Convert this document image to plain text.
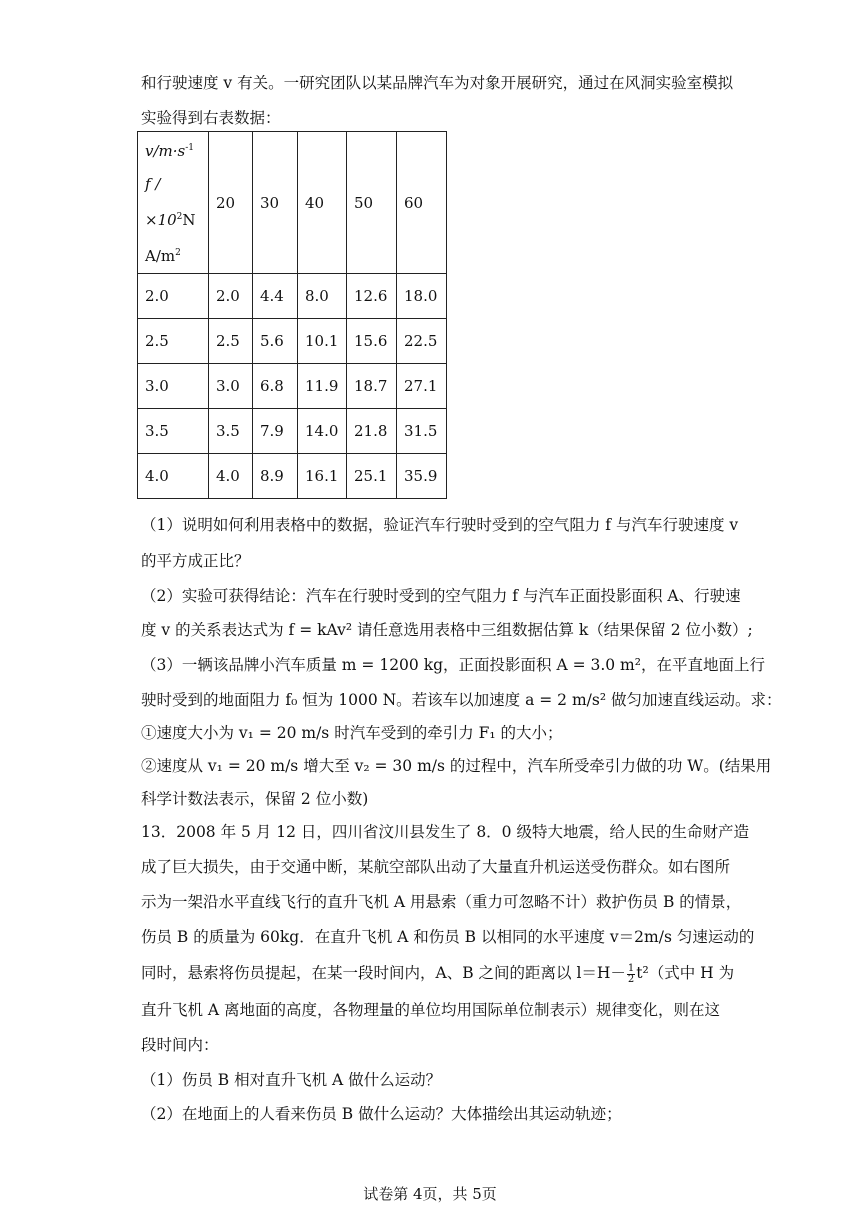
和行驶速度 v 有关。一研究团队以某品牌汽车为对象开展研究，通过在风洞实验室模拟
实验得到右表数据：
$v/m\cdot s^{-1}$
f $/\times 10^2N$
$A/m^2$	20	30	40	50	60
2.0	2.0	4.4	8.0	12.6	18.0
2.5	2.5	5.6	10.1	15.6	22.5
3.0	3.0	6.8	11.9	18.7	27.1
3.5	3.5	7.9	14.0	21.8	31.5
4.0	4.0	8.9	16.1	25.1	35.9
（1）说明如何利用表格中的数据，验证汽车行驶时受到的空气阻力 f 与汽车行驶速度 v
的平方成正比？
（2）实验可获得结论：汽车在行驶时受到的空气阻力 f 与汽车正面投影面积 A、行驶速
度 v 的关系表达式为 f = kAv² 请任意选用表格中三组数据估算 k（结果保留 2 位小数）;
（3）一辆该品牌小汽车质量 m = 1200 kg，正面投影面积 A = 3.0 m²，在平直地面上行
驶时受到的地面阻力 f₀ 恒为 1000 N。若该车以加速度 a = 2 m/s² 做匀加速直线运动。求：
①速度大小为 v₁ = 20 m/s 时汽车受到的牵引力 F₁ 的大小；
②速度从 v₁ = 20 m/s 增大至 v₂ = 30 m/s 的过程中，汽车所受牵引力做的功 W。(结果用
科学计数法表示，保留 2 位小数)
13．2008 年 5 月 12 日，四川省汶川县发生了 8．0 级特大地震，给人民的生命财产造
成了巨大损失，由于交通中断，某航空部队出动了大量直升机运送受伤群众。如右图所
示为一架沿水平直线飞行的直升飞机 A 用悬索（重力可忽略不计）救护伤员 B 的情景，
伤员 B 的质量为 60kg．在直升飞机 A 和伤员 B 以相同的水平速度 v＝2m/s 匀速运动的
同时，悬索将伤员提起，在某一段时间内，A、B 之间的距离以 $l=H- \frac{1}{2} t^2$（式中 H 为
直升飞机 A 离地面的高度，各物理量的单位均用国际单位制表示）规律变化，则在这
段时间内：
（1）伤员 B 相对直升飞机 A 做什么运动？
（2）在地面上的人看来伤员 B 做什么运动？大体描绘出其运动轨迹；
试卷第 4页，共 5页
